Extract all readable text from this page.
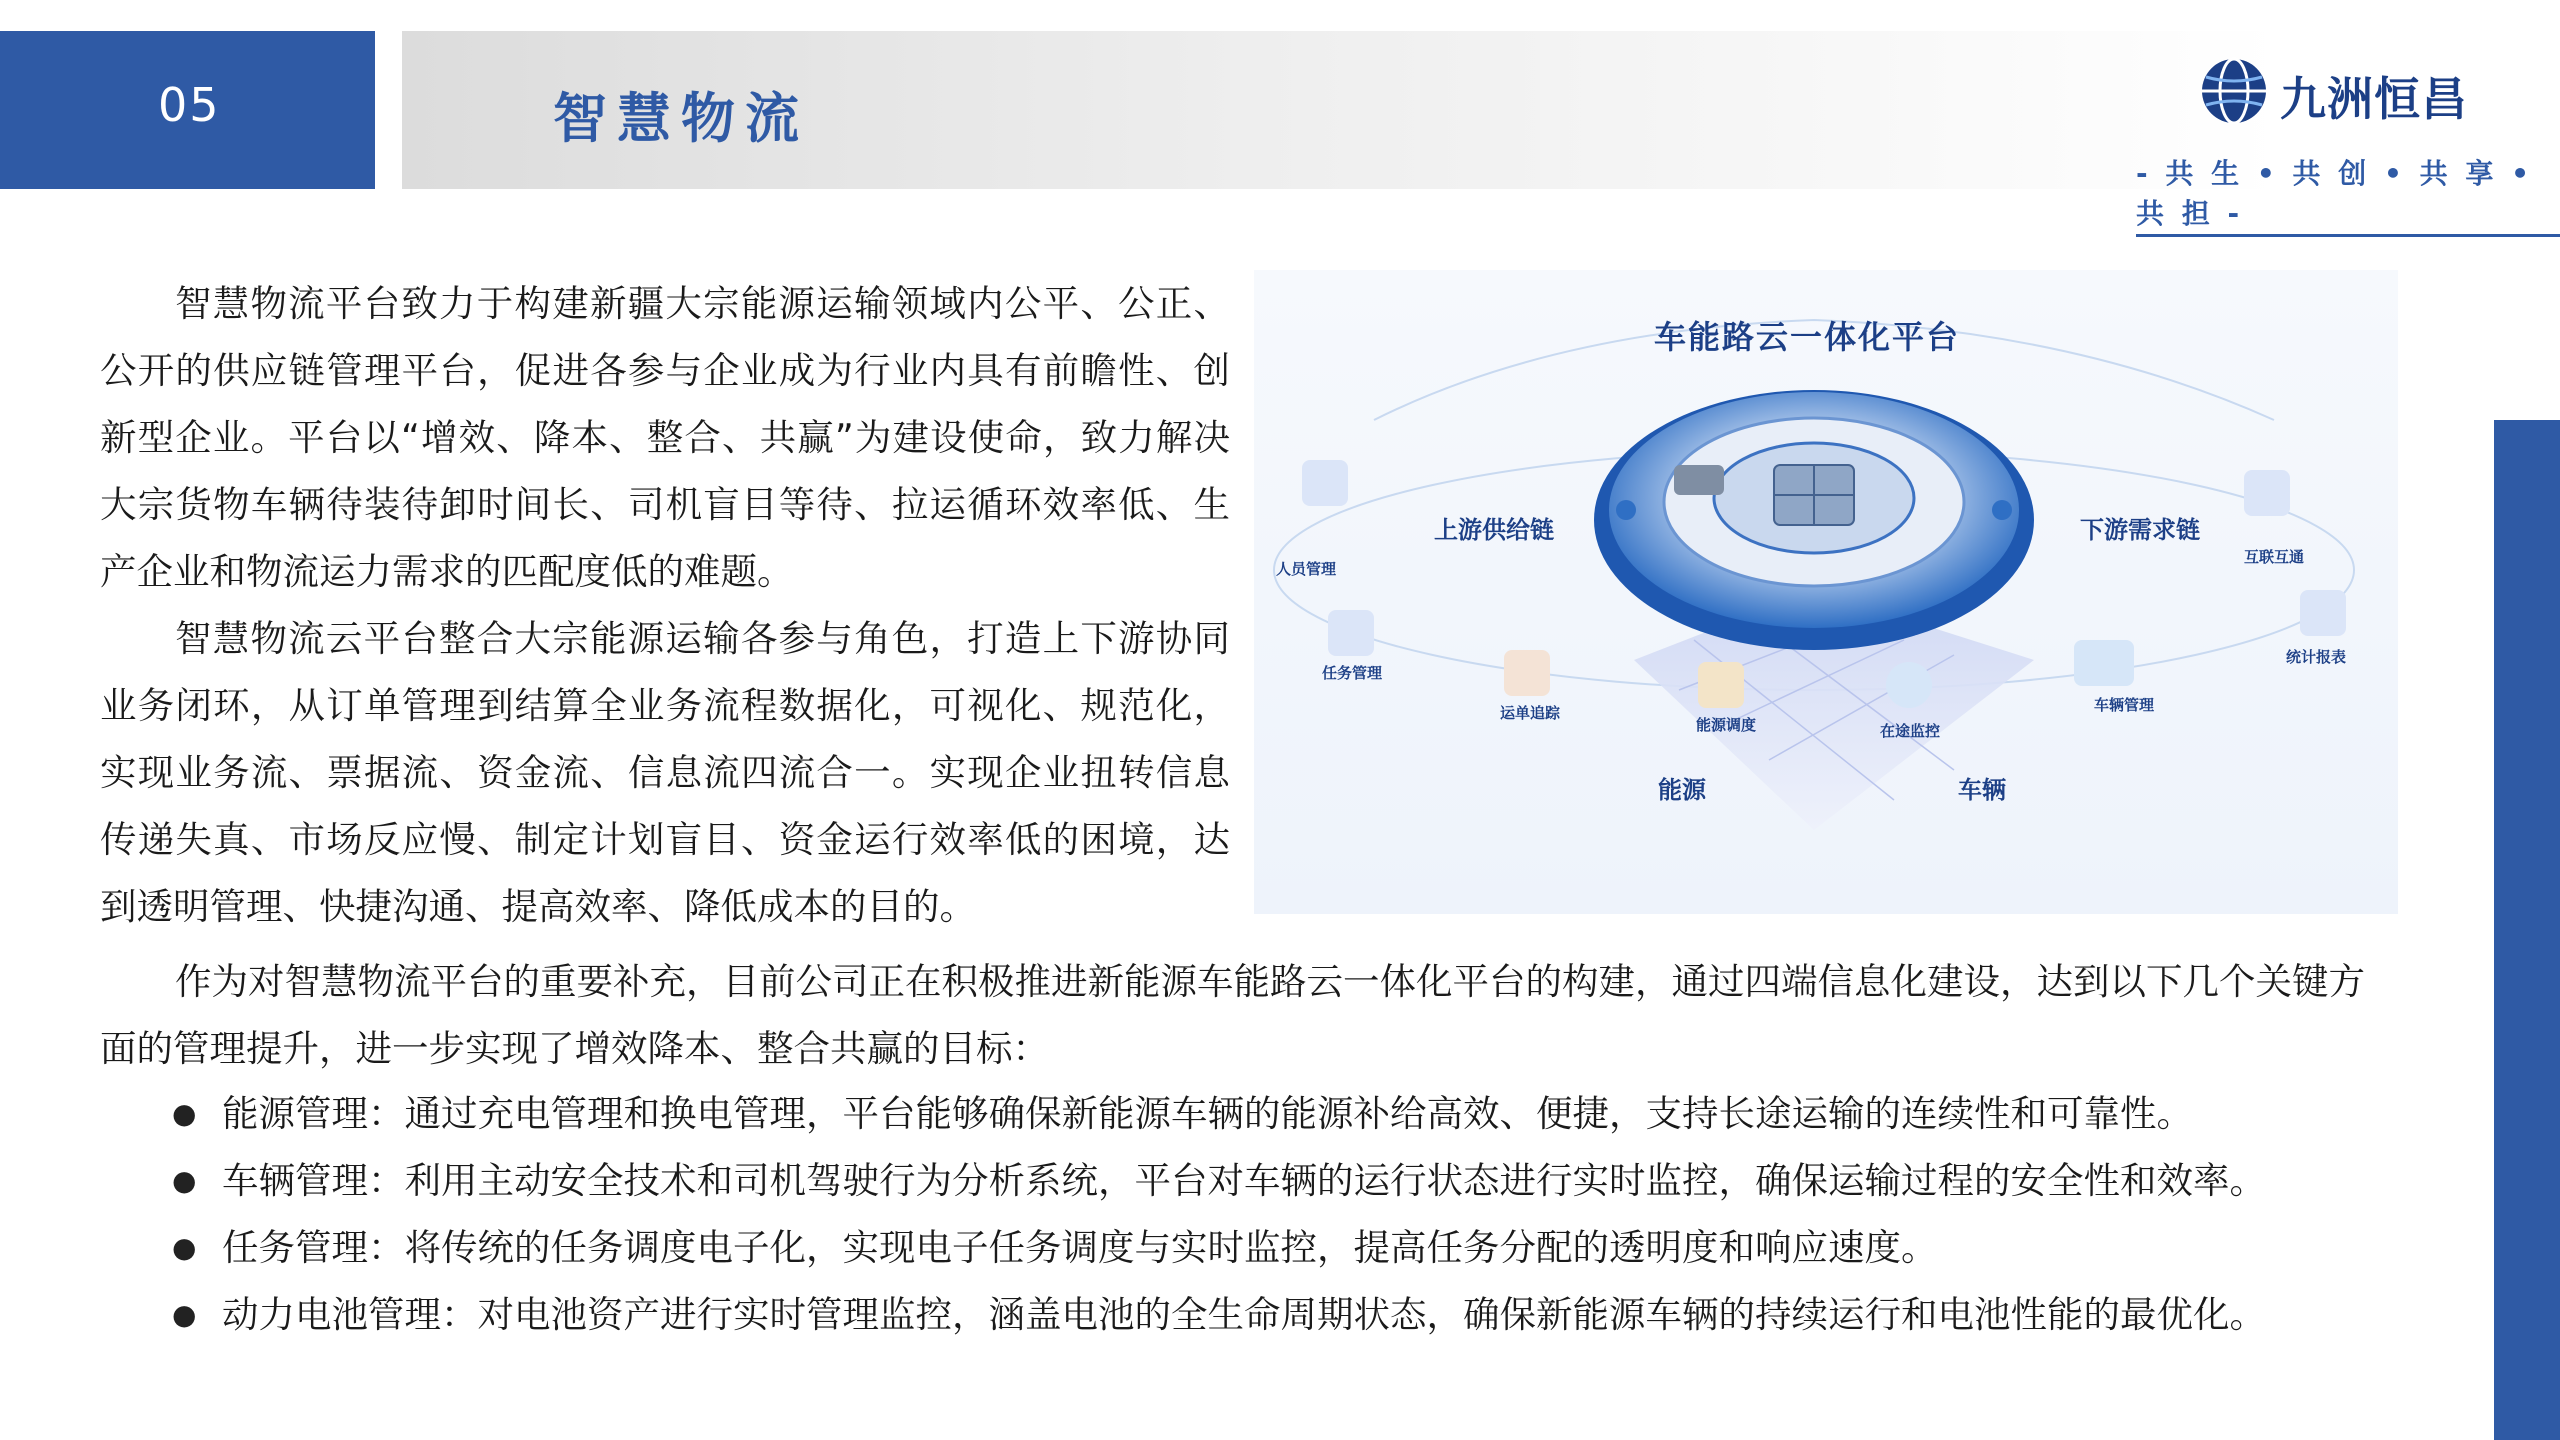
05	智慧物流	九洲恒昌
- 共 生 • 共 创 • 共 享 • 共 担 -

智慧物流平台致力于构建新疆大宗能源运输领域内公平、公正、公开的供应链管理平台，促进各参与企业成为行业内具有前瞻性、创新型企业。平台以“增效、降本、整合、共赢”为建设使命，致力解决大宗货物车辆待装待卸时间长、司机盲目等待、拉运循环效率低、生产企业和物流运力需求的匹配度低的难题。

智慧物流云平台整合大宗能源运输各参与角色，打造上下游协同业务闭环，从订单管理到结算全业务流程数据化，可视化、规范化，实现业务流、票据流、资金流、信息流四流合一。实现企业扭转信息传递失真、市场反应慢、制定计划盲目、资金运行效率低的困境，达到透明管理、快捷沟通、提高效率、降低成本的目的。

车能路云一体化平台
上游供给链	下游需求链
能源	车辆
人员管理
任务管理
运单追踪
能源调度	在途监控
车辆管理
互联互通
统计报表

作为对智慧物流平台的重要补充，目前公司正在积极推进新能源车能路云一体化平台的构建，通过四端信息化建设，达到以下几个关键方面的管理提升，进一步实现了增效降本、整合共赢的目标：

● 能源管理：通过充电管理和换电管理，平台能够确保新能源车辆的能源补给高效、便捷，支持长途运输的连续性和可靠性。
● 车辆管理：利用主动安全技术和司机驾驶行为分析系统，平台对车辆的运行状态进行实时监控，确保运输过程的安全性和效率。
● 任务管理：将传统的任务调度电子化，实现电子任务调度与实时监控，提高任务分配的透明度和响应速度。
● 动力电池管理：对电池资产进行实时管理监控，涵盖电池的全生命周期状态，确保新能源车辆的持续运行和电池性能的最优化。
